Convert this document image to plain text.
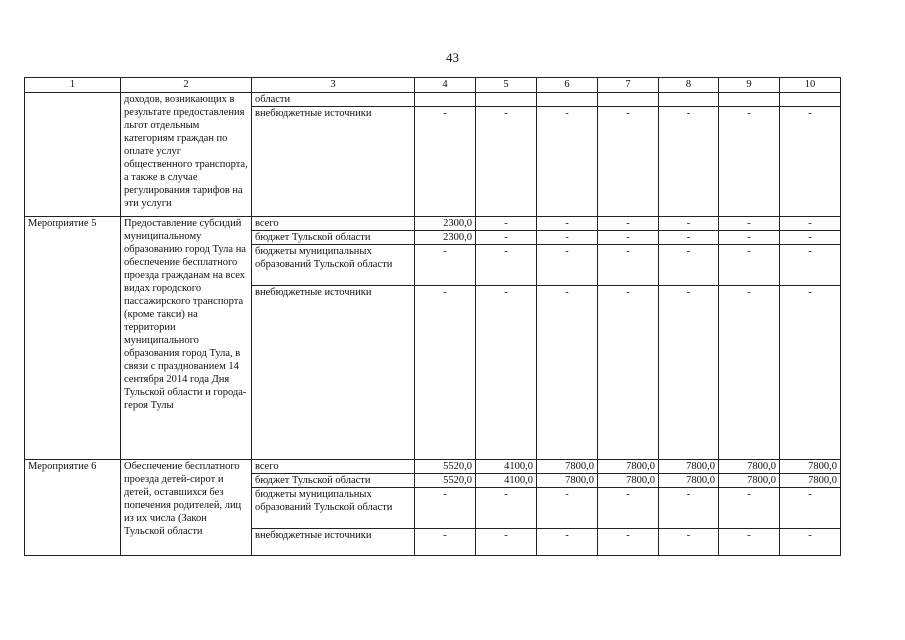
43
1	2	3	4	5	6	7	8	9	10
	доходов, возникающих в результате предоставления льгот отдельным категориям граждан по оплате услуг общественного транспорта, а также в случае регулирования тарифов на эти услуги	области							
		внебюджетные источники	-	-	-	-	-	-	-
Мероприятие 5	Предоставление субсидий муниципальному образованию город Тула на обеспечение бесплатного проезда гражданам на всех видах городского пассажирского транспорта (кроме такси) на территории муниципального образования город Тула, в связи с празднованием 14 сентября 2014 года Дня Тульской области и города-героя Тулы	всего	2300,0	-	-	-	-	-	-
		бюджет Тульской области	2300,0	-	-	-	-	-	-
		бюджеты муниципальных образований Тульской области	-	-	-	-	-	-	-
		внебюджетные источники	-	-	-	-	-	-	-
Мероприятие 6	Обеспечение бесплатного проезда детей-сирот и детей, оставшихся без попечения родителей, лиц из их числа (Закон Тульской области	всего	5520,0	4100,0	7800,0	7800,0	7800,0	7800,0	7800,0
		бюджет Тульской области	5520,0	4100,0	7800,0	7800,0	7800,0	7800,0	7800,0
		бюджеты муниципальных образований Тульской области	-	-	-	-	-	-	-
		внебюджетные источники	-	-	-	-	-	-	-
